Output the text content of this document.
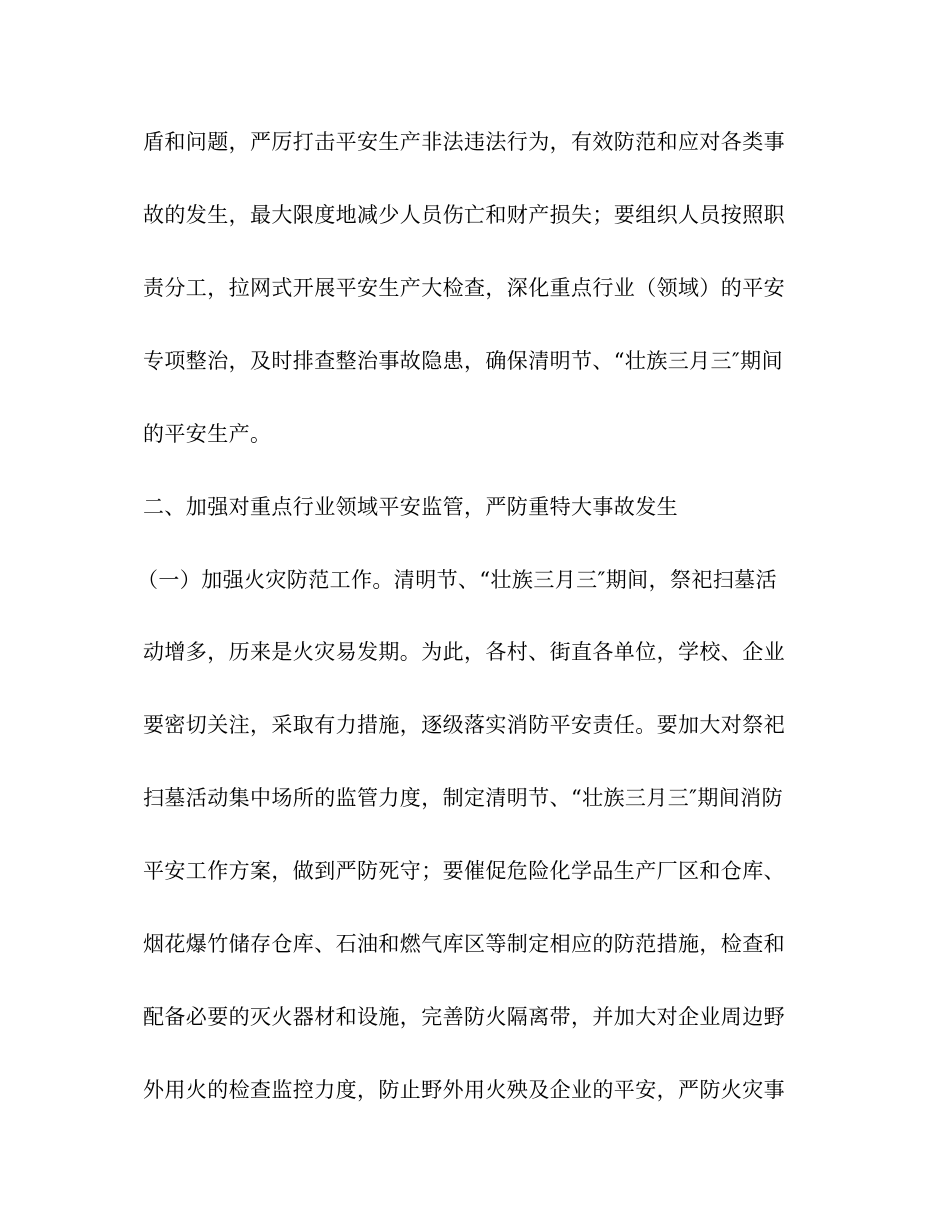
盾和问题，严厉打击平安生产非法违法行为，有效防范和应对各类事
故的发生，最大限度地减少人员伤亡和财产损失；要组织人员按照职
责分工，拉网式开展平安生产大检查，深化重点行业（领域）的平安
专项整治，及时排查整治事故隐患，确保清明节、“壮族三月三″期间
的平安生产。
二、加强对重点行业领域平安监管，严防重特大事故发生
（一）加强火灾防范工作。清明节、“壮族三月三″期间，祭祀扫墓活
动增多，历来是火灾易发期。为此，各村、街直各单位，学校、企业
要密切关注，采取有力措施，逐级落实消防平安责任。要加大对祭祀
扫墓活动集中场所的监管力度，制定清明节、“壮族三月三″期间消防
平安工作方案，做到严防死守；要催促危险化学品生产厂区和仓库、
烟花爆竹储存仓库、石油和燃气库区等制定相应的防范措施，检查和
配备必要的灭火器材和设施，完善防火隔离带，并加大对企业周边野
外用火的检查监控力度，防止野外用火殃及企业的平安，严防火灾事
